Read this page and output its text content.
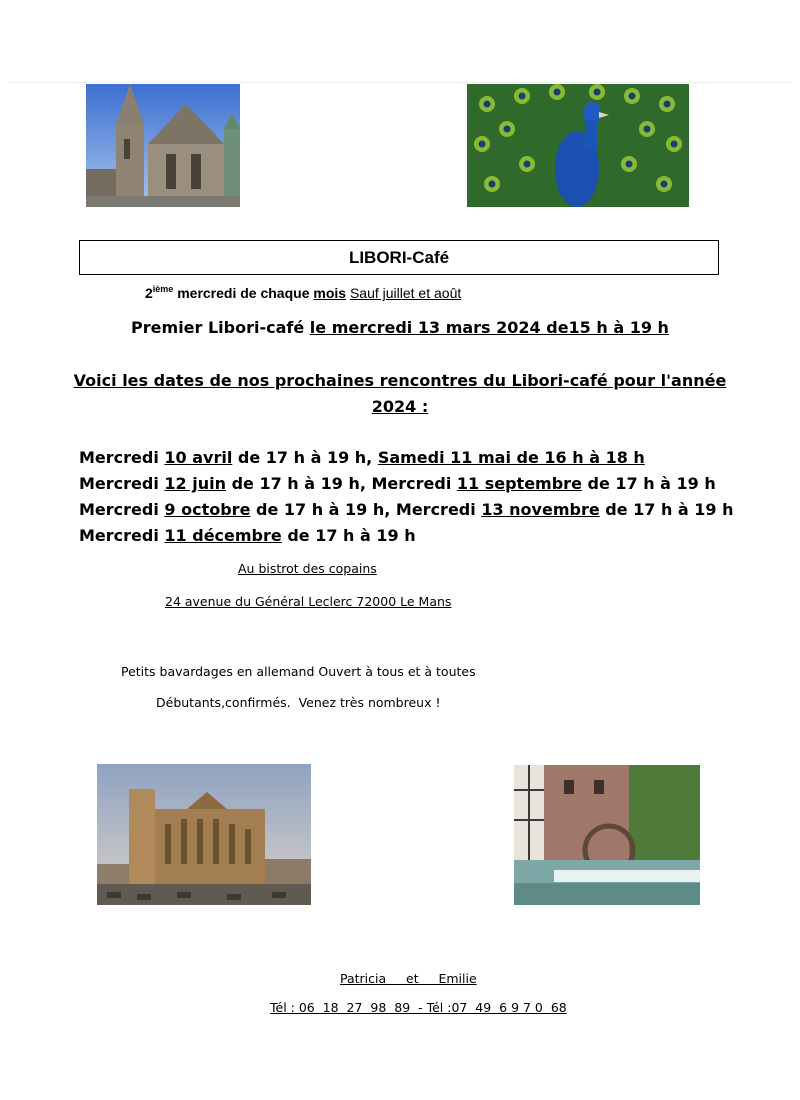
LIBORI-Café
2ième mercredi de chaque mois Sauf juillet et août
Premier Libori-café le mercredi 13 mars 2024 de15 h à 19 h
Voici les dates de nos prochaines rencontres du Libori-café pour l'année
2024 :
Mercredi 10 avril de 17 h à 19 h, Samedi 11 mai de 16 h à 18 h
Mercredi 12 juin de 17 h à 19 h, Mercredi 11 septembre de 17 h à 19 h
Mercredi 9 octobre de 17 h à 19 h, Mercredi 13 novembre de 17 h à 19 h
Mercredi 11 décembre de 17 h à 19 h
Au bistrot des copains
24 avenue du Général Leclerc 72000 Le Mans
Petits bavardages en allemand Ouvert à tous et à toutes
Débutants,confirmés.  Venez très nombreux !
Patricia     et     Emilie
Tél : 06  18  27  98  89  - Tél :07  49  6 9 7 0  68
